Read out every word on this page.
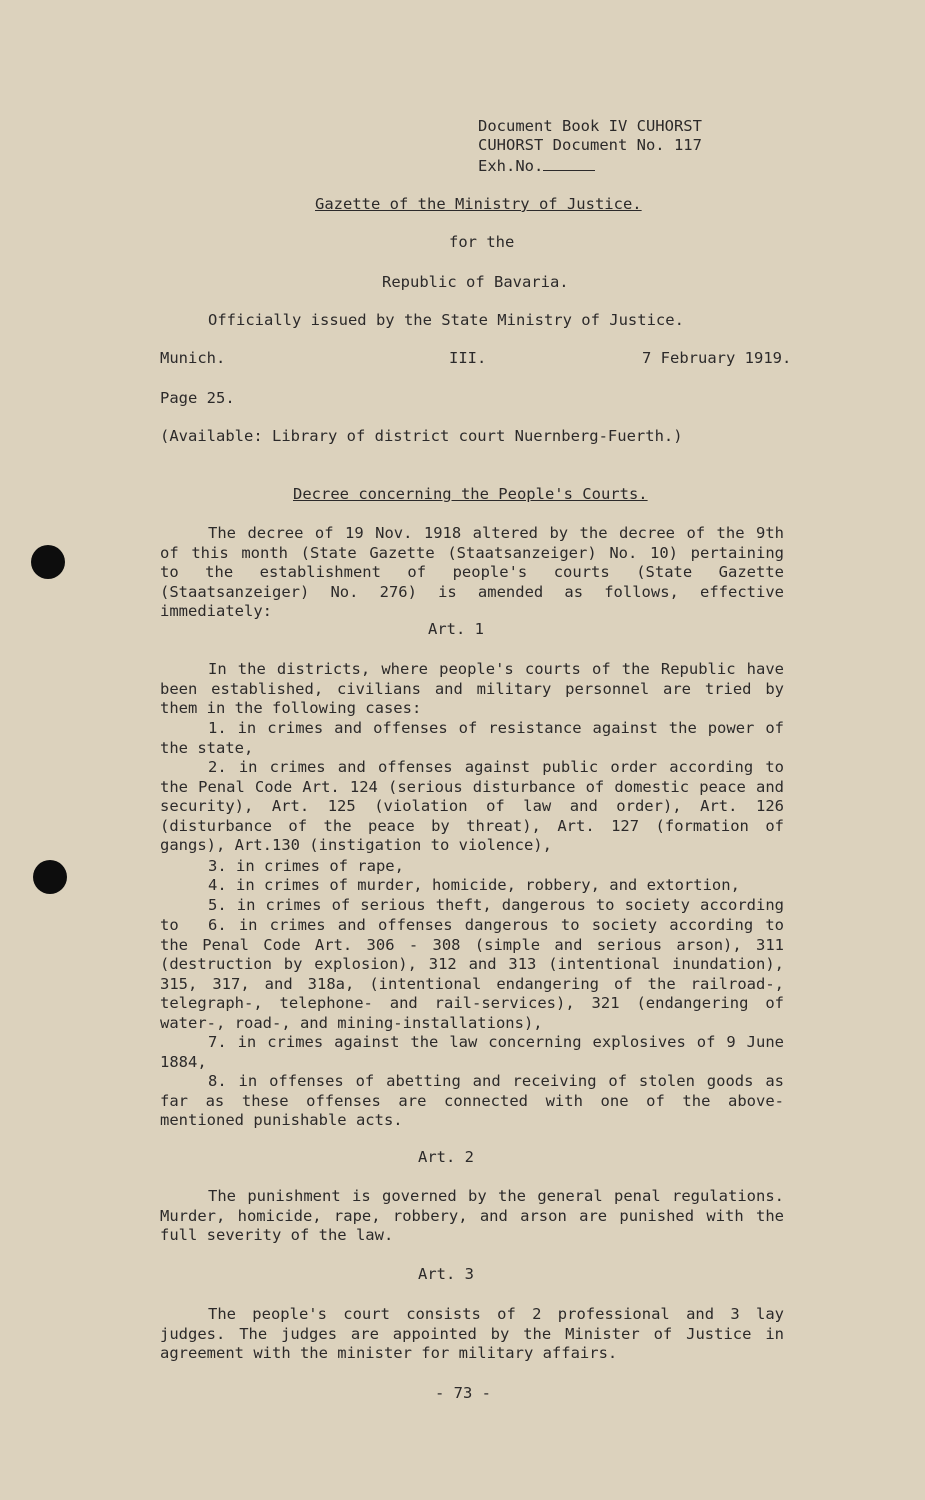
Document Book IV CUHORST
CUHORST Document No. 117
Exh.No.
Gazette of the Ministry of Justice.
for the
Republic of Bavaria.
Officially issued by the State Ministry of Justice.
Munich.	III.	7 February 1919.
Page 25.
(Available: Library of district court Nuernberg-Fuerth.)
Decree concerning the People's Courts.
The decree of 19 Nov. 1918 altered by the decree of the 9th of this month (State Gazette (Staatsanzeiger) No. 10) pertaining to the establishment of people's courts (State Gazette (Staatsanzeiger) No. 276) is amended as follows, effective immediately:
Art. 1
In the districts, where people's courts of the Republic have been established, civilians and military personnel are tried by them in the following cases:
1. in crimes and offenses of resistance against the power of the state,
2. in crimes and offenses against public order according to the Penal Code Art. 124 (serious disturbance of domestic peace and security), Art. 125 (violation of law and order), Art. 126 (disturbance of the peace by threat), Art. 127 (formation of gangs), Art.130 (instigation to violence),
3. in crimes of rape,
4. in crimes of murder, homicide, robbery, and extortion,
5. in crimes of serious theft, dangerous to society according to	6. in crimes and offenses dangerous to society according to the Penal Code Art. 306 - 308 (simple and serious arson), 311 (destruction by explosion), 312 and 313 (intentional inundation), 315, 317, and 318a, (intentional endangering of the railroad-, telegraph-, telephone- and rail-services), 321 (endangering of water-, road-, and mining-installations),
7. in crimes against the law concerning explosives of 9 June 1884,
8. in offenses of abetting and receiving of stolen goods as far as these offenses are connected with one of the above-mentioned punishable acts.
Art. 2
The punishment is governed by the general penal regulations. Murder, homicide, rape, robbery, and arson are punished with the full severity of the law.
Art. 3
The people's court consists of 2 professional and 3 lay judges. The judges are appointed by the Minister of Justice in agreement with the minister for military affairs.
- 73 -
